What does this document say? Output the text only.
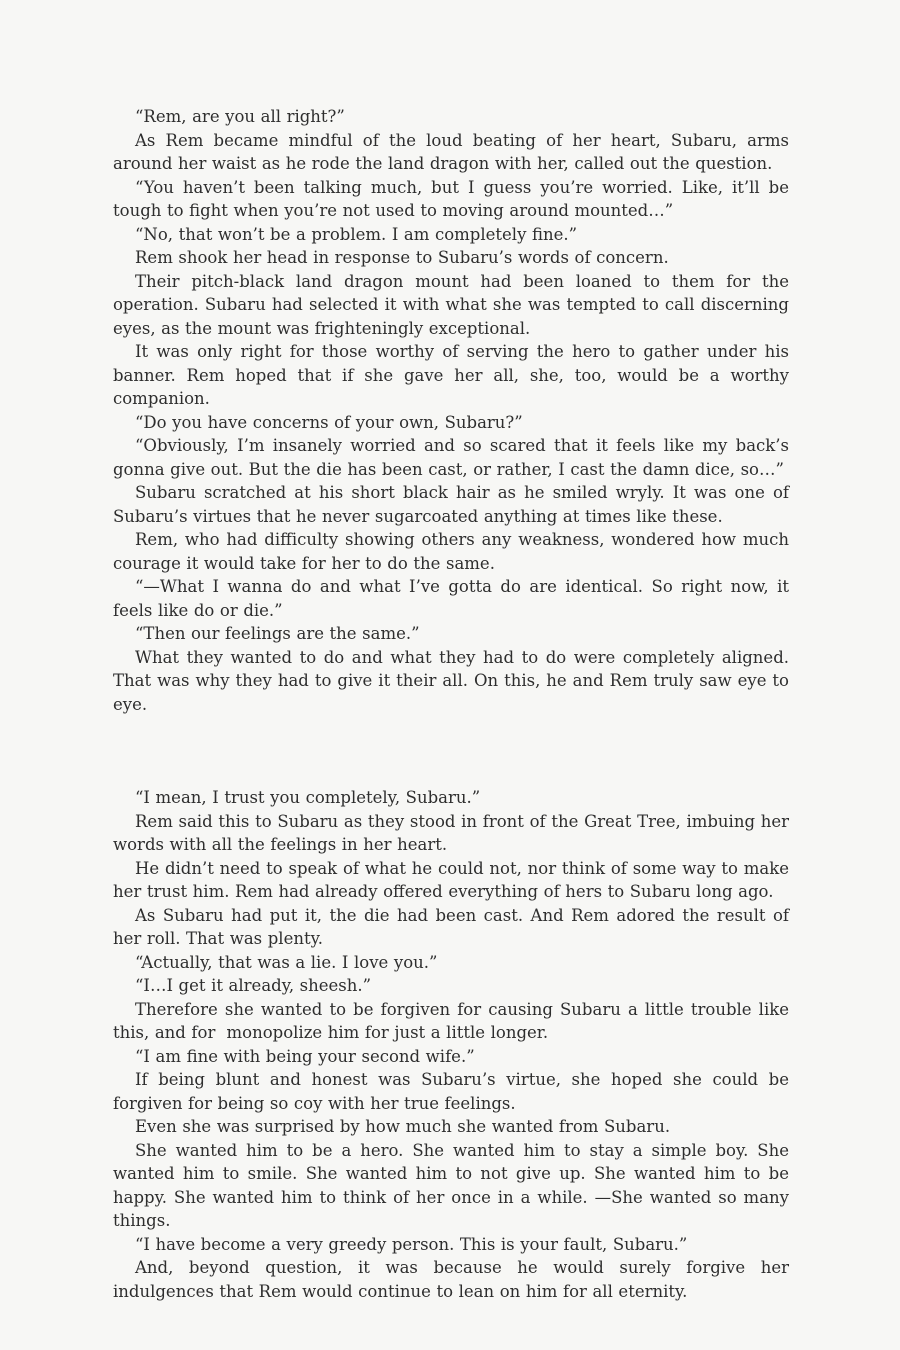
“Rem, are you all right?”

As Rem became mindful of the loud beating of her heart, Subaru, arms around her waist as he rode the land dragon with her, called out the question.

“You haven’t been talking much, but I guess you’re worried. Like, it’ll be tough to fight when you’re not used to moving around mounted…”

“No, that won’t be a problem. I am completely fine.”

Rem shook her head in response to Subaru’s words of concern.

Their pitch-black land dragon mount had been loaned to them for the operation. Subaru had selected it with what she was tempted to call discerning eyes, as the mount was frighteningly exceptional.

It was only right for those worthy of serving the hero to gather under his banner. Rem hoped that if she gave her all, she, too, would be a worthy companion.

“Do you have concerns of your own, Subaru?”

“Obviously, I’m insanely worried and so scared that it feels like my back’s gonna give out. But the die has been cast, or rather, I cast the damn dice, so…”

Subaru scratched at his short black hair as he smiled wryly. It was one of Subaru’s virtues that he never sugarcoated anything at times like these.

Rem, who had difficulty showing others any weakness, wondered how much courage it would take for her to do the same.

“—What I wanna do and what I’ve gotta do are identical. So right now, it feels like do or die.”

“Then our feelings are the same.”

What they wanted to do and what they had to do were completely aligned. That was why they had to give it their all. On this, he and Rem truly saw eye to eye.

“I mean, I trust you completely, Subaru.”

Rem said this to Subaru as they stood in front of the Great Tree, imbuing her words with all the feelings in her heart.

He didn’t need to speak of what he could not, nor think of some way to make her trust him. Rem had already offered everything of hers to Subaru long ago.

As Subaru had put it, the die had been cast. And Rem adored the result of her roll. That was plenty.

“Actually, that was a lie. I love you.”

“I…I get it already, sheesh.”

Therefore she wanted to be forgiven for causing Subaru a little trouble like this, and for  monopolize him for just a little longer.

“I am fine with being your second wife.”

If being blunt and honest was Subaru’s virtue, she hoped she could be forgiven for being so coy with her true feelings.

Even she was surprised by how much she wanted from Subaru.

She wanted him to be a hero. She wanted him to stay a simple boy. She wanted him to smile. She wanted him to not give up. She wanted him to be happy. She wanted him to think of her once in a while. —She wanted so many things.

“I have become a very greedy person. This is your fault, Subaru.”

And, beyond question, it was because he would surely forgive her indulgences that Rem would continue to lean on him for all eternity.
